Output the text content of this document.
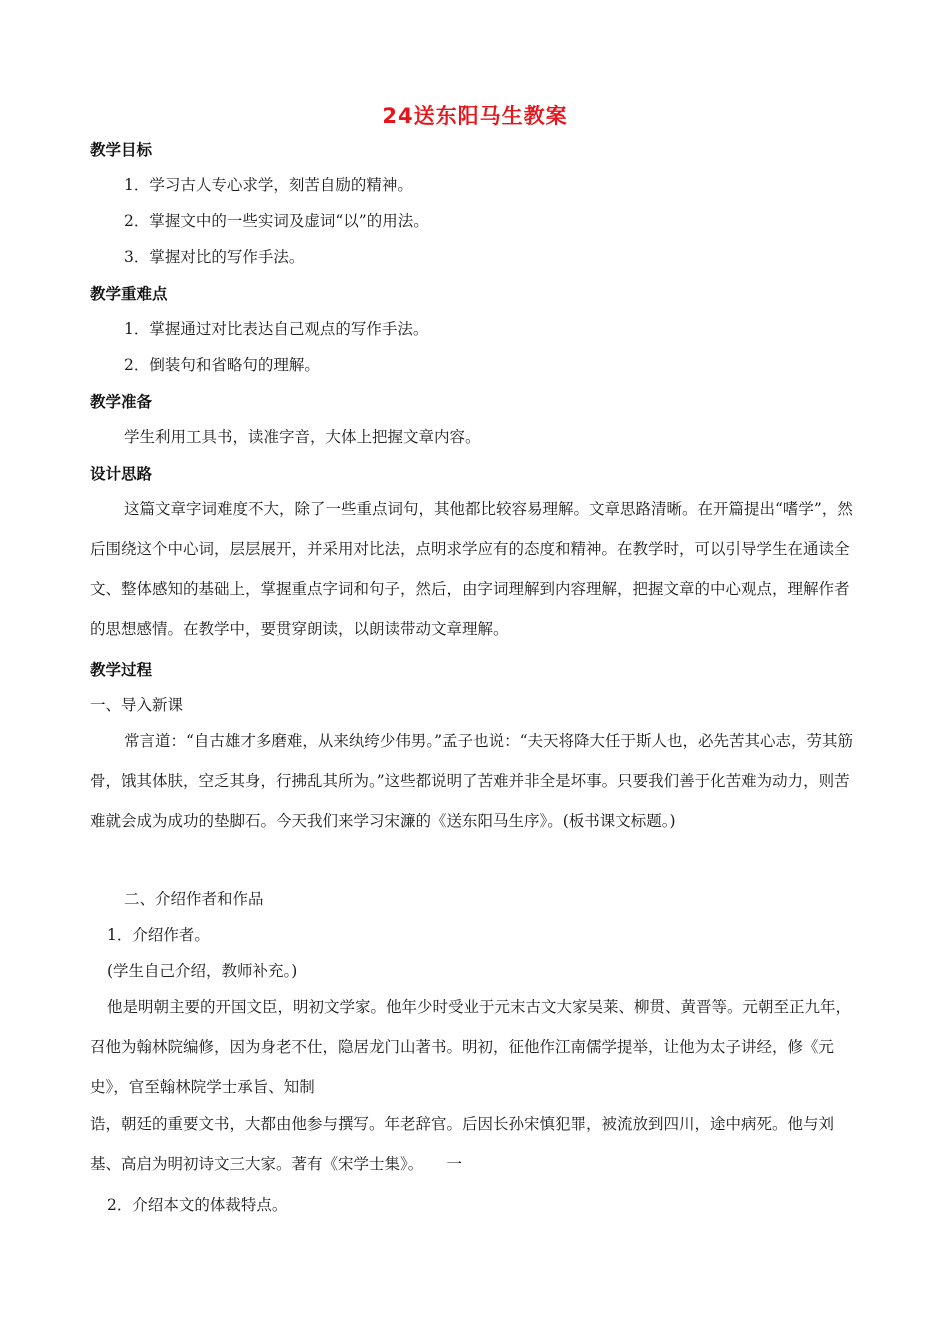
24送东阳马生教案
教学目标
1．学习古人专心求学，刻苦自励的精神。
2．掌握文中的一些实词及虚词“以”的用法。
3．掌握对比的写作手法。
教学重难点
1．掌握通过对比表达自己观点的写作手法。
2．倒装句和省略句的理解。
教学准备
学生利用工具书，读准字音，大体上把握文章内容。
设计思路
这篇文章字词难度不大，除了一些重点词句，其他都比较容易理解。文章思路清晰。在开篇提出“嗜学”，然后围绕这个中心词，层层展开，并采用对比法，点明求学应有的态度和精神。在教学时，可以引导学生在通读全文、整体感知的基础上，掌握重点字词和句子，然后，由字词理解到内容理解，把握文章的中心观点，理解作者的思想感情。在教学中，要贯穿朗读，以朗读带动文章理解。
教学过程
一、导入新课
常言道：“自古雄才多磨难，从来纨绔少伟男。”孟子也说：“夫天将降大任于斯人也，必先苦其心志，劳其筋骨，饿其体肤，空乏其身，行拂乱其所为。”这些都说明了苦难并非全是坏事。只要我们善于化苦难为动力，则苦难就会成为成功的垫脚石。今天我们来学习宋濂的《送东阳马生序》。(板书课文标题。)
二、介绍作者和作品
1．介绍作者。
(学生自己介绍，教师补充。)
他是明朝主要的开国文臣，明初文学家。他年少时受业于元末古文大家吴莱、柳贯、黄晋等。元朝至正九年，召他为翰林院编修，因为身老不仕，隐居龙门山著书。明初，征他作江南儒学提举，让他为太子讲经，修《元史》，官至翰林院学士承旨、知制
诰，朝廷的重要文书，大都由他参与撰写。年老辞官。后因长孙宋慎犯罪，被流放到四川，途中病死。他与刘基、高启为明初诗文三大家。著有《宋学士集》。　　一
2．介绍本文的体裁特点。
